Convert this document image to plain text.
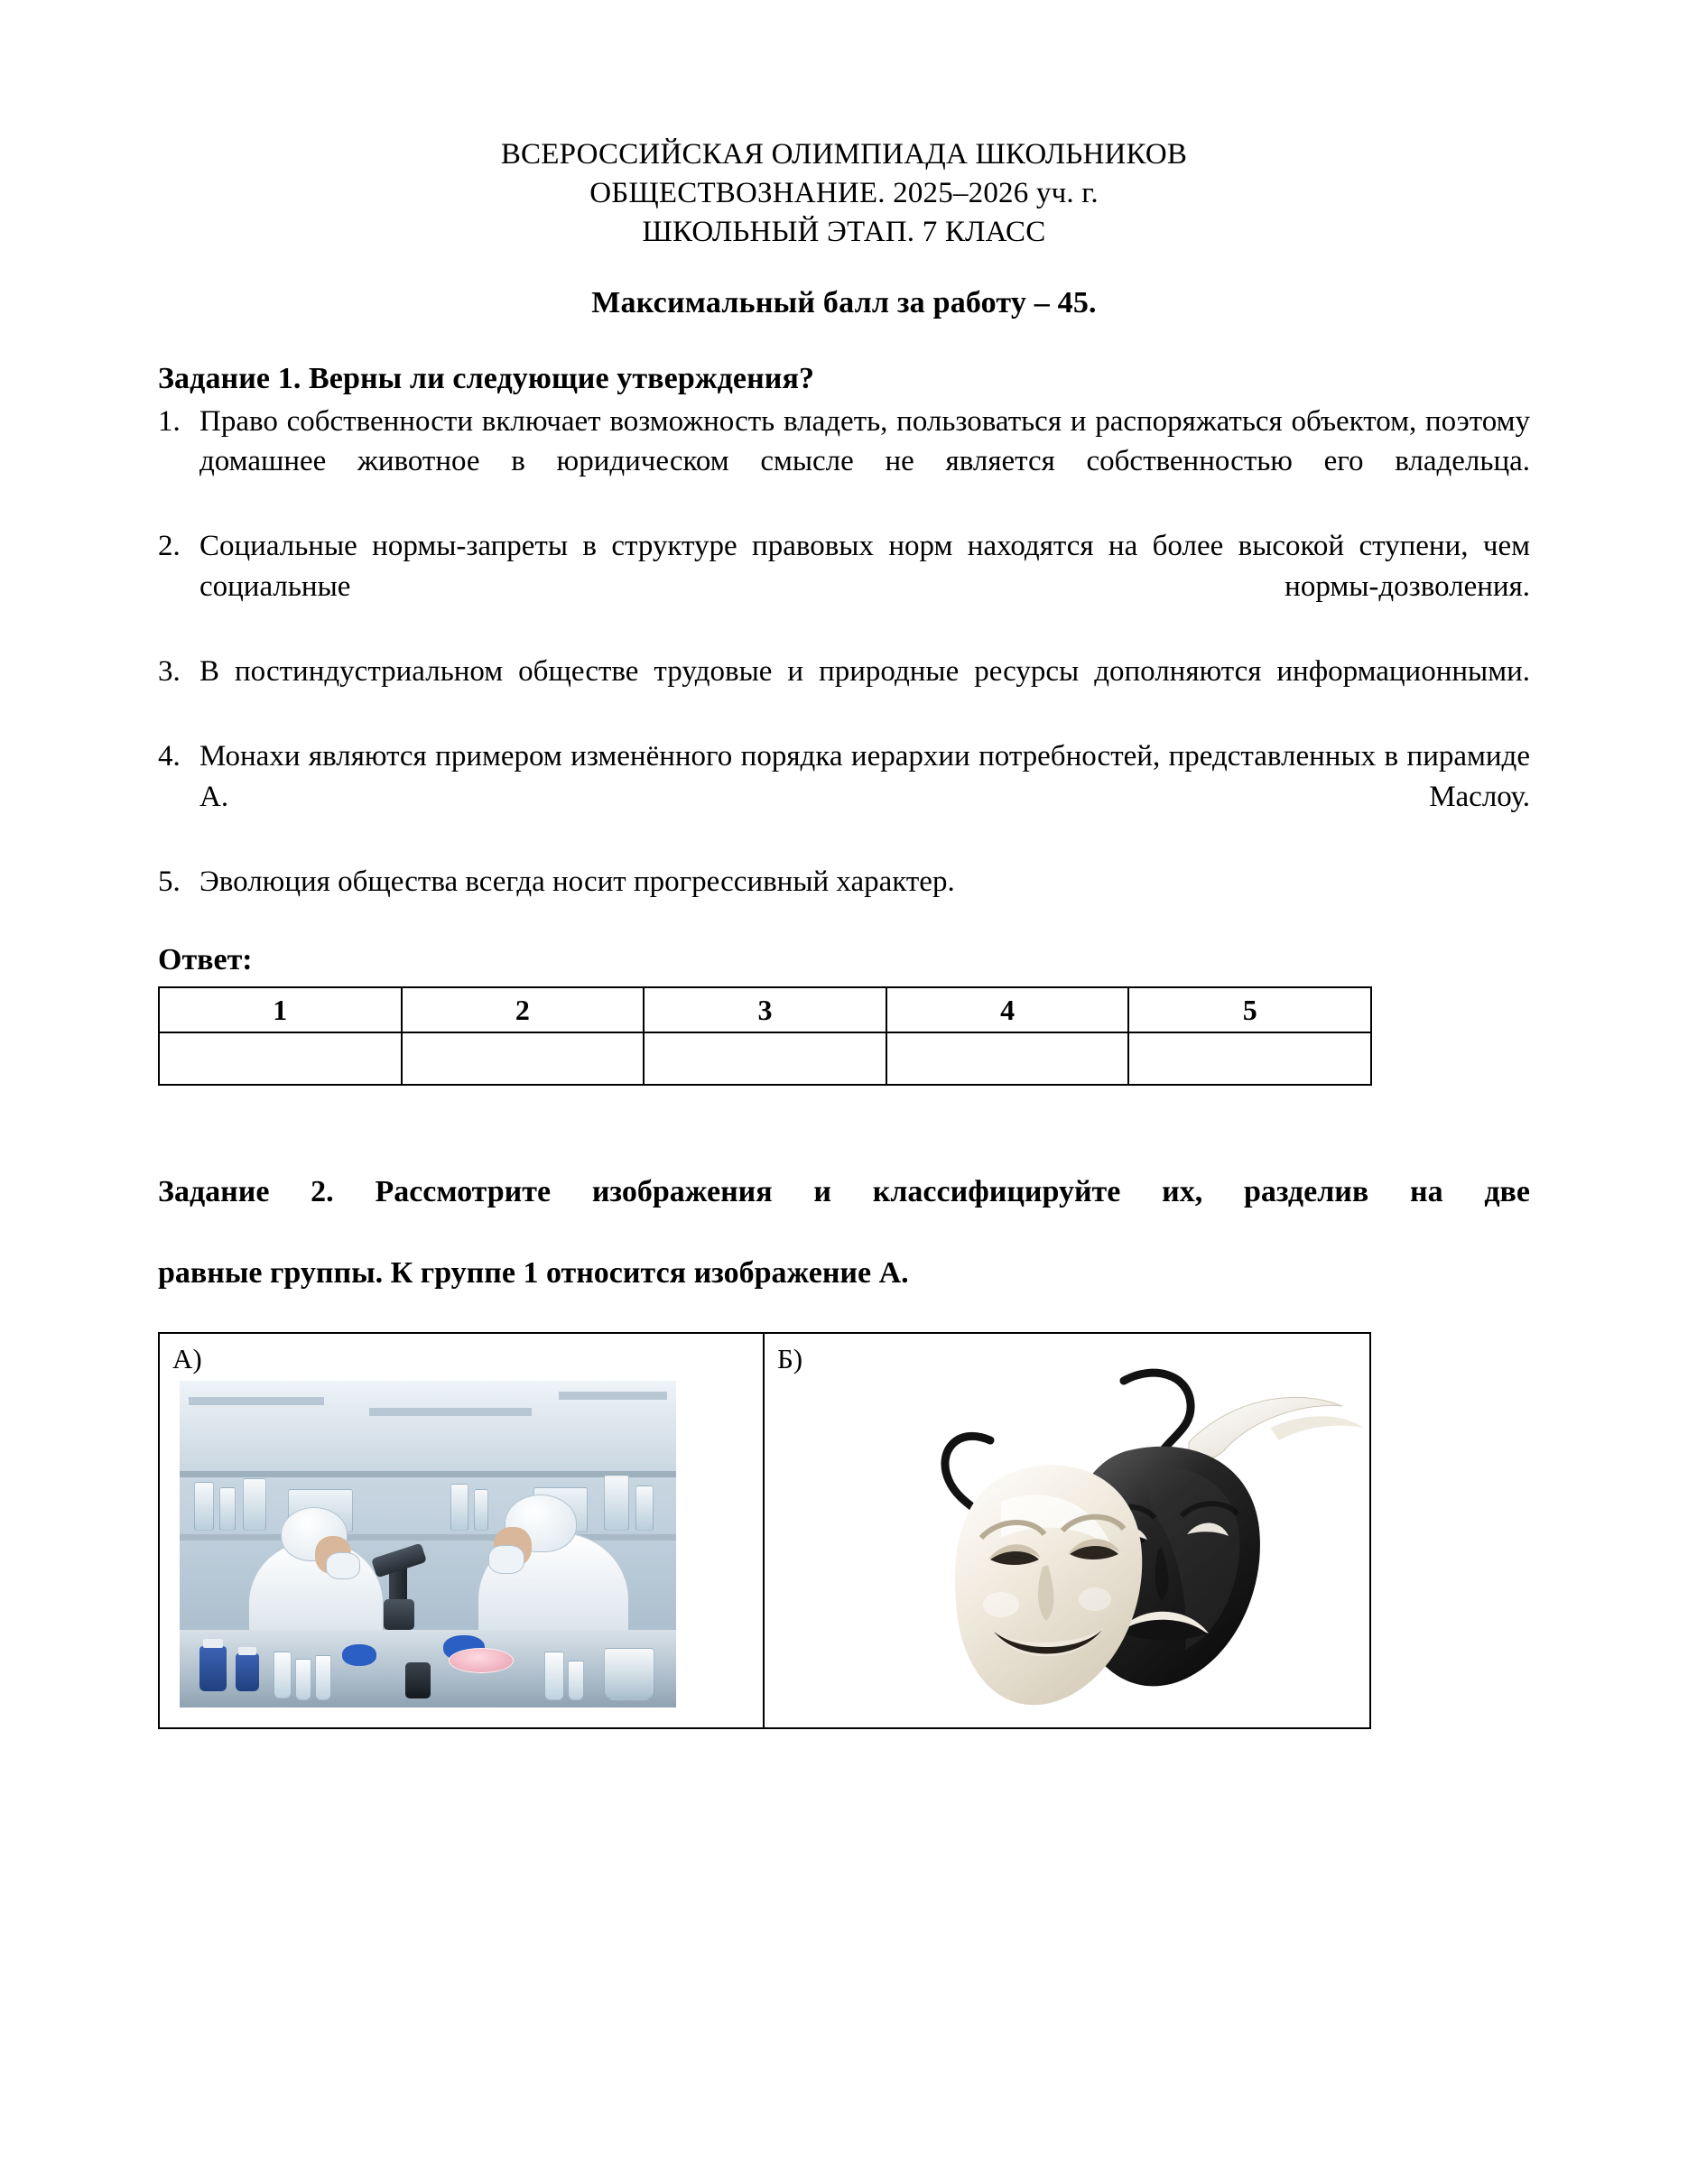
ВСЕРОССИЙСКАЯ ОЛИМПИАДА ШКОЛЬНИКОВ
ОБЩЕСТВОЗНАНИЕ. 2025–2026 уч. г.
ШКОЛЬНЫЙ ЭТАП. 7 КЛАСС
Максимальный балл за работу – 45.
Задание 1. Верны ли следующие утверждения?
1. Право собственности включает возможность владеть, пользоваться и распоряжаться объектом, поэтому домашнее животное в юридическом смысле не является собственностью его владельца.
2. Социальные нормы-запреты в структуре правовых норм находятся на более высокой ступени, чем социальные нормы-дозволения.
3. В постиндустриальном обществе трудовые и природные ресурсы дополняются информационными.
4. Монахи являются примером изменённого порядка иерархии потребностей, представленных в пирамиде А. Маслоу.
5. Эволюция общества всегда носит прогрессивный характер.
Ответ:
1	2	3	4	5

Задание 2. Рассмотрите изображения и классифицируйте их, разделив на две равные группы. К группе 1 относится изображение А.
А)	Б)
